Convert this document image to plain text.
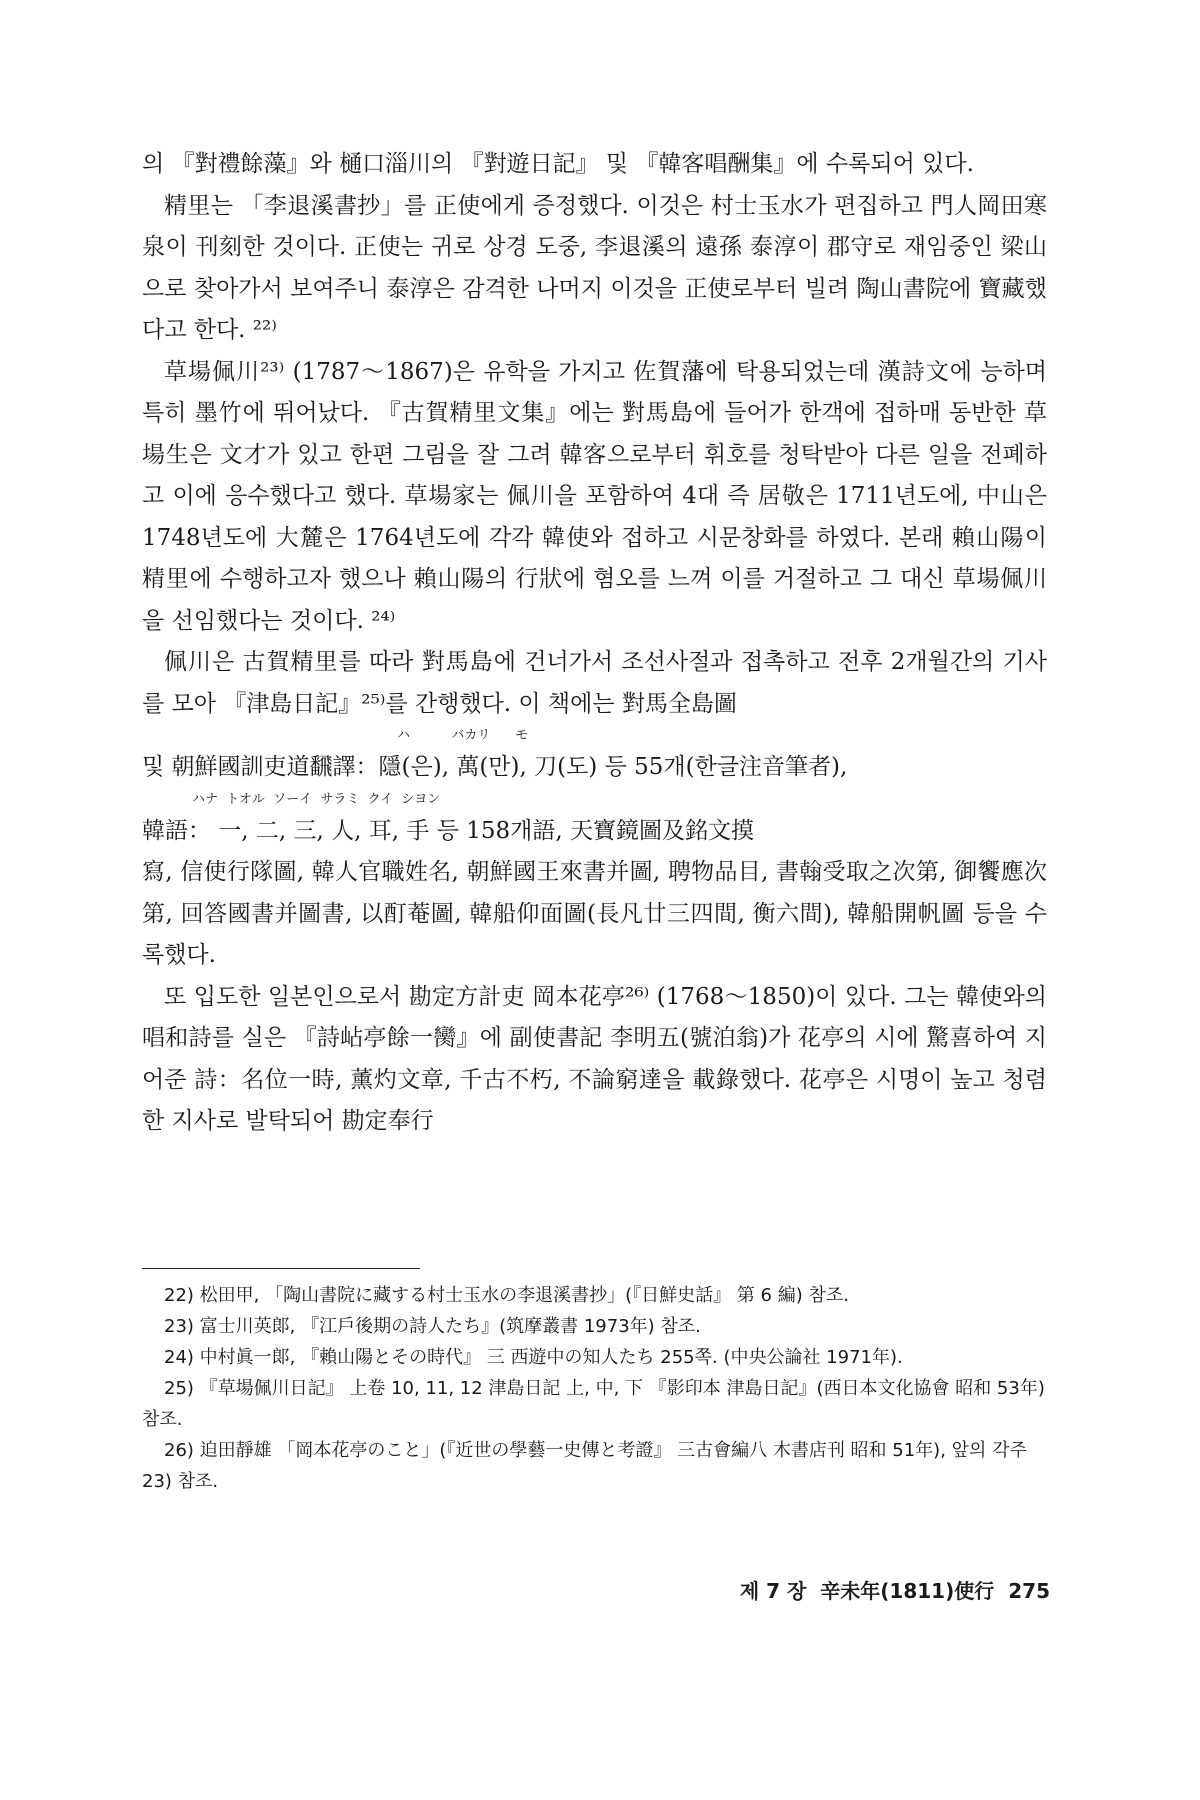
의 『對禮餘藻』와 樋口淄川의 『對遊日記』 및 『韓客唱酬集』에 수록되어 있다.

精里는 「李退溪書抄」를 正使에게 증정했다. 이것은 村士玉水가 편집하고 門人岡田寒泉이 刊刻한 것이다. 正使는 귀로 상경 도중, 李退溪의 遠孫 泰淳이 郡守로 재임중인 梁山으로 찾아가서 보여주니 泰淳은 감격한 나머지 이것을 正使로부터 빌려 陶山書院에 寶藏했다고 한다. ²²⁾

草場佩川²³⁾ (1787～1867)은 유학을 가지고 佐賀藩에 탁용되었는데 漢詩文에 능하며 특히 墨竹에 뛰어났다. 『古賀精里文集』에는 對馬島에 들어가 한객에 접하매 동반한 草場生은 文才가 있고 한편 그림을 잘 그려 韓客으로부터 휘호를 청탁받아 다른 일을 전폐하고 이에 응수했다고 했다. 草場家는 佩川을 포함하여 4대 즉 居敬은 1711년도에, 中山은 1748년도에 大麓은 1764년도에 각각 韓使와 접하고 시문창화를 하였다. 본래 賴山陽이 精里에 수행하고자 했으나 賴山陽의 行狀에 혐오를 느껴 이를 거절하고 그 대신 草場佩川을 선임했다는 것이다. ²⁴⁾

佩川은 古賀精里를 따라 對馬島에 건너가서 조선사절과 접촉하고 전후 2개월간의 기사를 모아 『津島日記』²⁵⁾를 간행했다. 이 책에는 對馬全島圖

ハ          バカリ      モ
및 朝鮮國訓吏道飜譯：隱(은), 萬(만), 刀(도) 등 55개(한글注音筆者),
ハナ  トオル  ソーイ  サラミ  クイ  シヨン
韓語： 一, 二, 三, 人, 耳, 手 등 158개語, 天寶鏡圖及銘文摸

寫, 信使行隊圖, 韓人官職姓名, 朝鮮國王來書并圖, 聘物品目, 書翰受取之次第, 御饗應次第, 回答國書并圖書, 以酊菴圖, 韓船仰面圖(長凡廿三四間, 衡六間), 韓船開帆圖 등을 수록했다.

또 입도한 일본인으로서 勘定方計吏 岡本花亭²⁶⁾ (1768～1850)이 있다. 그는 韓使와의 唱和詩를 실은 『詩岾亭餘一臠』에 副使書記 李明五(號泊翁)가 花亭의 시에 驚喜하여 지어준 詩：名位一時, 薰灼文章, 千古不朽, 不論窮達을 載錄했다. 花亭은 시명이 높고 청렴한 지사로 발탁되어 勘定奉行

22) 松田甲, 「陶山書院に藏する村士玉水の李退溪書抄」(『日鮮史話』 第 6 編) 참조.

23) 富士川英郞, 『江戶後期の詩人たち』(筑摩叢書 1973年) 참조.

24) 中村眞一郞, 『賴山陽とその時代』 三 西遊中の知人たち 255쪽. (中央公論社 1971年).

25) 『草場佩川日記』 上卷 10, 11, 12 津島日記 上, 中, 下 『影印本 津島日記』(西日本文化協會 昭和 53年) 참조.

26) 迫田靜雄 「岡本花亭のこと」(『近世の學藝一史傳と考證』 三古會編八 木書店刊 昭和 51年), 앞의 각주 23) 참조.

제 7 장 辛未年(1811)使行 275
